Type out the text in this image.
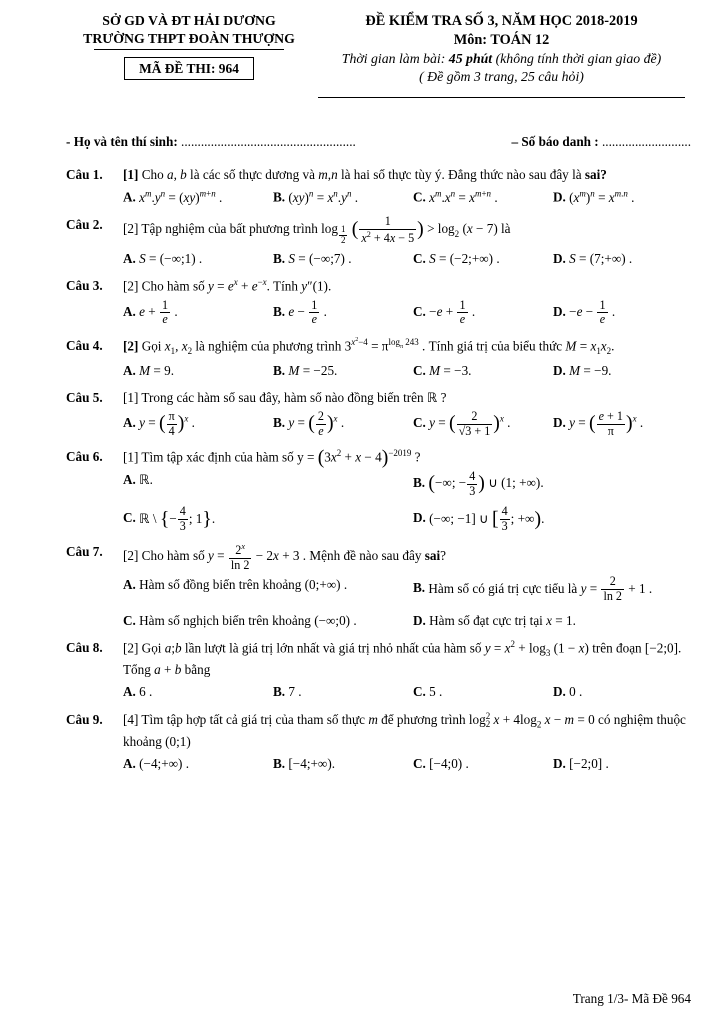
SỞ GD VÀ ĐT HẢI DƯƠNG
TRƯỜNG THPT ĐOÀN THƯỢNG
MÃ ĐỀ THI: 964
ĐỀ KIỂM TRA SỐ 3, NĂM HỌC 2018-2019
Môn: TOÁN 12
Thời gian làm bài: 45 phút (không tính thời gian giao đề)
( Đề gồm 3 trang, 25 câu hỏi)
- Họ và tên thí sinh: .....................................................	– Số báo danh : ...........................
Câu 1.	[1] Cho a, b là các số thực dương và m,n là hai số thực tùy ý. Đẳng thức nào sau đây là sai?
A. $x^m.y^n = (xy)^{m+n}$ .	B. $(xy)^n = x^n.y^n$ .	C. $x^m.x^n = x^{m+n}$ .	D. $(x^m)^n = x^{m.n}$ .
Câu 2.	[2] Tập nghiệm của bất phương trình log $_{\frac{1}{2}}$ ( $\frac{1}{x^2 + 4x - 5}$ ) > $\log_2 (x - 7)$ là
A. S = (−∞;1) .	B. S = (−∞;7) .	C. S = (−2;+∞) .	D. S = (7;+∞) .
Câu 3.	[2] Cho hàm số $y = e^x + e^{-x}$. Tính y″(1).
A. $e + \frac{1}{e}$ .	B. $e - \frac{1}{e}$ .	C. $-e + \frac{1}{e}$ .	D. $-e - \frac{1}{e}$ .
Câu 4.	[2] Gọi $x_1$, $x_2$ là nghiệm của phương trình $3^{x^2-4} = \pi^{log_\pi 243}$ . Tính giá trị của biểu thức $M = x_1x_2$.
A. M = 9.	B. M = −25.	C. M = −3.	D. M = −9.
Câu 5.	[1] Trong các hàm số sau đây, hàm số nào đồng biến trên ℝ ?
A. y = ( $\frac{\pi}{4} )^x$ .	B. y = ( $\frac{2}{e} )^x$ .	C. y = ( $\frac{2}{√3 + 1} )^x$ .	D. y = ( $\frac{e + 1}{\pi} )^x$ .
Câu 6.	[1] Tìm tập xác định của hàm số $y = (3x^2 + x - 4)^{-2019}$ ?
A. ℝ.	B. (−∞; − $\frac{4}{3}$ ) ∪ (1; +∞).
C. ℝ \ {− $\frac{4}{3}$ ; 1}.	D. (−∞; −1] ∪ [ $\frac{4}{3}$ ; +∞).
Câu 7.	[2] Cho hàm số $y = \frac{2^x}{\ln 2} - 2x + 3$ . Mệnh đề nào sau đây sai?
A. Hàm số đồng biến trên khoảng (0;+∞) .	B. Hàm số có giá trị cực tiểu là $y = \frac{2}{\ln 2} + 1$ .
C. Hàm số nghịch biến trên khoảng (−∞;0) .	D. Hàm số đạt cực trị tại x = 1.
Câu 8.	[2] Gọi a;b lần lượt là giá trị lớn nhất và giá trị nhỏ nhất của hàm số $y = x^2 + \log_3 (1 - x)$ trên đoạn [−2;0]. Tổng a + b bằng
A. 6 .	B. 7 .	C. 5 .	D. 0 .
Câu 9.	[4] Tìm tập hợp tất cả giá trị của tham số thực m để phương trình log 2
2 $x + 4\log_2$ x − m = 0 có nghiệm thuộc khoảng (0;1)
A. (−4;+∞) .	B. [−4;+∞).	C. [−4;0) .	D. [−2;0] .
Trang 1/3- Mã Đề 964
